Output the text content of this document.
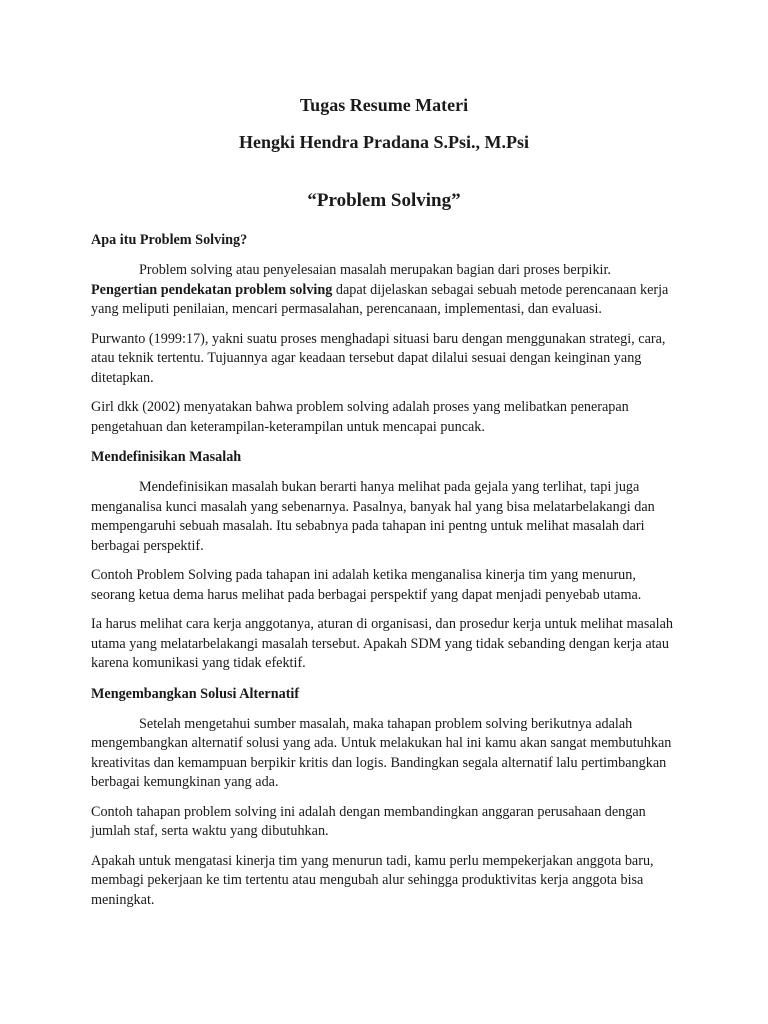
Tugas Resume Materi

Hengki Hendra Pradana S.Psi., M.Psi

“Problem Solving”

Apa itu Problem Solving?

Problem solving atau penyelesaian masalah merupakan bagian dari proses berpikir.
Pengertian pendekatan problem solving dapat dijelaskan sebagai sebuah metode perencanaan kerja yang meliputi penilaian, mencari permasalahan, perencanaan, implementasi, dan evaluasi.

Purwanto (1999:17), yakni suatu proses menghadapi situasi baru dengan menggunakan strategi, cara, atau teknik tertentu. Tujuannya agar keadaan tersebut dapat dilalui sesuai dengan keinginan yang ditetapkan.

Girl dkk (2002) menyatakan bahwa problem solving adalah proses yang melibatkan penerapan pengetahuan dan keterampilan-keterampilan untuk mencapai puncak.

Mendefinisikan Masalah

Mendefinisikan masalah bukan berarti hanya melihat pada gejala yang terlihat, tapi juga menganalisa kunci masalah yang sebenarnya. Pasalnya, banyak hal yang bisa melatarbelakangi dan mempengaruhi sebuah masalah. Itu sebabnya pada tahapan ini pentng untuk melihat masalah dari berbagai perspektif.

Contoh Problem Solving pada tahapan ini adalah ketika menganalisa kinerja tim yang menurun, seorang ketua dema harus melihat pada berbagai perspektif yang dapat menjadi penyebab utama.

Ia harus melihat cara kerja anggotanya, aturan di organisasi, dan prosedur kerja untuk melihat masalah utama yang melatarbelakangi masalah tersebut. Apakah SDM yang tidak sebanding dengan kerja atau karena komunikasi yang tidak efektif.

Mengembangkan Solusi Alternatif

Setelah mengetahui sumber masalah, maka tahapan problem solving berikutnya adalah mengembangkan alternatif solusi yang ada. Untuk melakukan hal ini kamu akan sangat membutuhkan kreativitas dan kemampuan berpikir kritis dan logis. Bandingkan segala alternatif lalu pertimbangkan berbagai kemungkinan yang ada.

Contoh tahapan problem solving ini adalah dengan membandingkan anggaran perusahaan dengan jumlah staf, serta waktu yang dibutuhkan.

Apakah untuk mengatasi kinerja tim yang menurun tadi, kamu perlu mempekerjakan anggota baru, membagi pekerjaan ke tim tertentu atau mengubah alur sehingga produktivitas kerja anggota bisa meningkat.
